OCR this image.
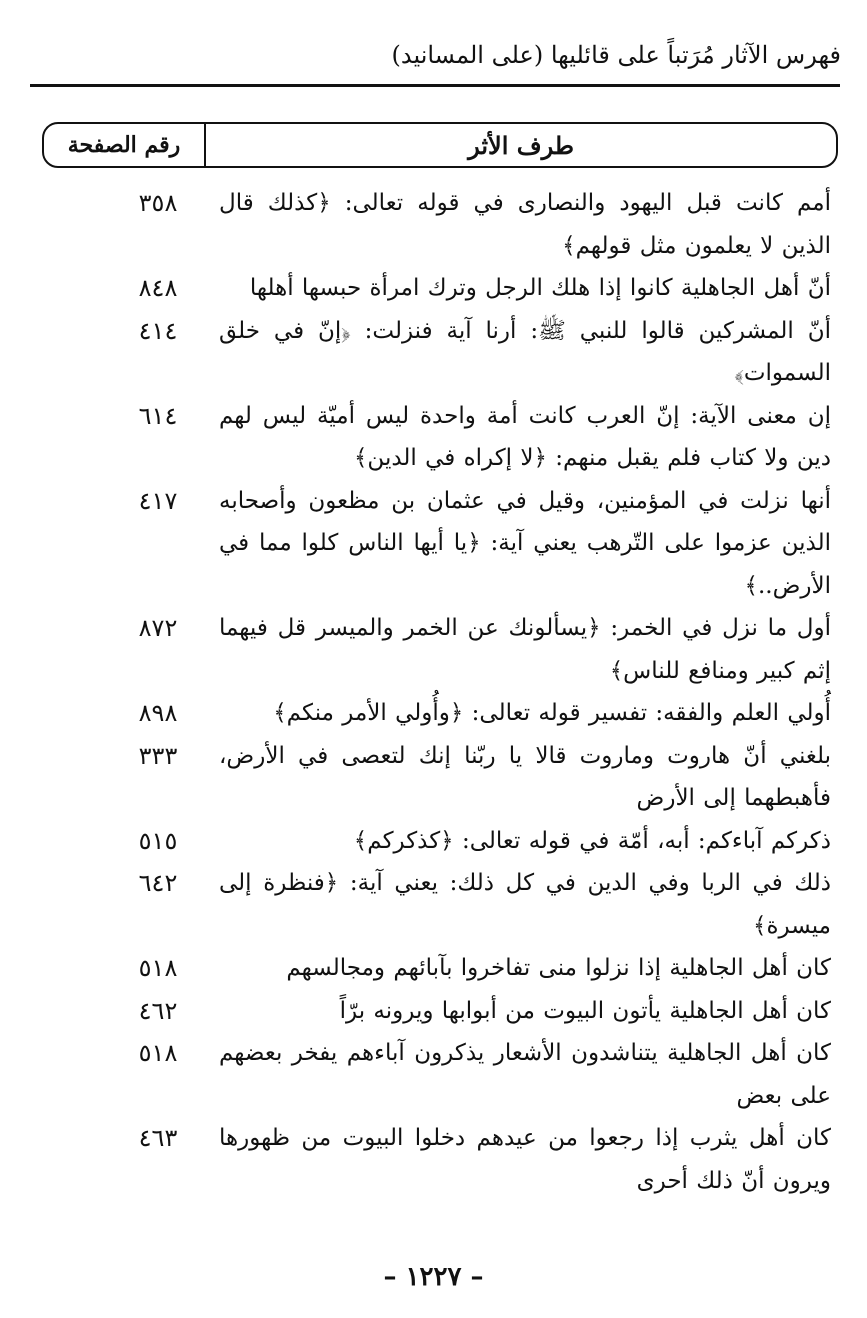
فهرس الآثار مُرَتباً على قائليها (على المسانيد)
طرف الأثر
رقم الصفحة
أمم كانت قبل اليهود والنصارى في قوله تعالى: ﴿كذلك قال الذين لا يعلمون مثل قولهم﴾
٣٥٨
أنّ أهل الجاهلية كانوا إذا هلك الرجل وترك امرأة حبسها أهلها
٨٤٨
أنّ المشركين قالوا للنبي ﷺ: أرنا آية فنزلت: ﴿إنّ في خلق السموات﴾
٤١٤
إن معنى الآية: إنّ العرب كانت أمة واحدة ليس أميّة ليس لهم دين ولا كتاب فلم يقبل منهم: ﴿لا إكراه في الدين﴾
٦١٤
أنها نزلت في المؤمنين، وقيل في عثمان بن مظعون وأصحابه الذين عزموا على التّرهب يعني آية: ﴿يا أيها الناس كلوا مما في الأرض..﴾
٤١٧
أول ما نزل في الخمر: ﴿يسألونك عن الخمر والميسر قل فيهما إثم كبير ومنافع للناس﴾
٨٧٢
أُولي العلم والفقه: تفسير قوله تعالى: ﴿وأُولي الأمر منكم﴾
٨٩٨
بلغني أنّ هاروت وماروت قالا يا ربّنا إنك لتعصى في الأرض، فأهبطهما إلى الأرض
٣٣٣
ذكركم آباءكم: أبه، أمّة في قوله تعالى: ﴿كذكركم﴾
٥١٥
ذلك في الربا وفي الدين في كل ذلك: يعني آية: ﴿فنظرة إلى ميسرة﴾
٦٤٢
كان أهل الجاهلية إذا نزلوا منى تفاخروا بآبائهم ومجالسهم
٥١٨
كان أهل الجاهلية يأتون البيوت من أبوابها ويرونه برّاً
٤٦٢
كان أهل الجاهلية يتناشدون الأشعار يذكرون آباءهم يفخر بعضهم على بعض
٥١٨
كان أهل يثرب إذا رجعوا من عيدهم دخلوا البيوت من ظهورها ويرون أنّ ذلك أحرى
٤٦٣
– ١٢٢٧ –
